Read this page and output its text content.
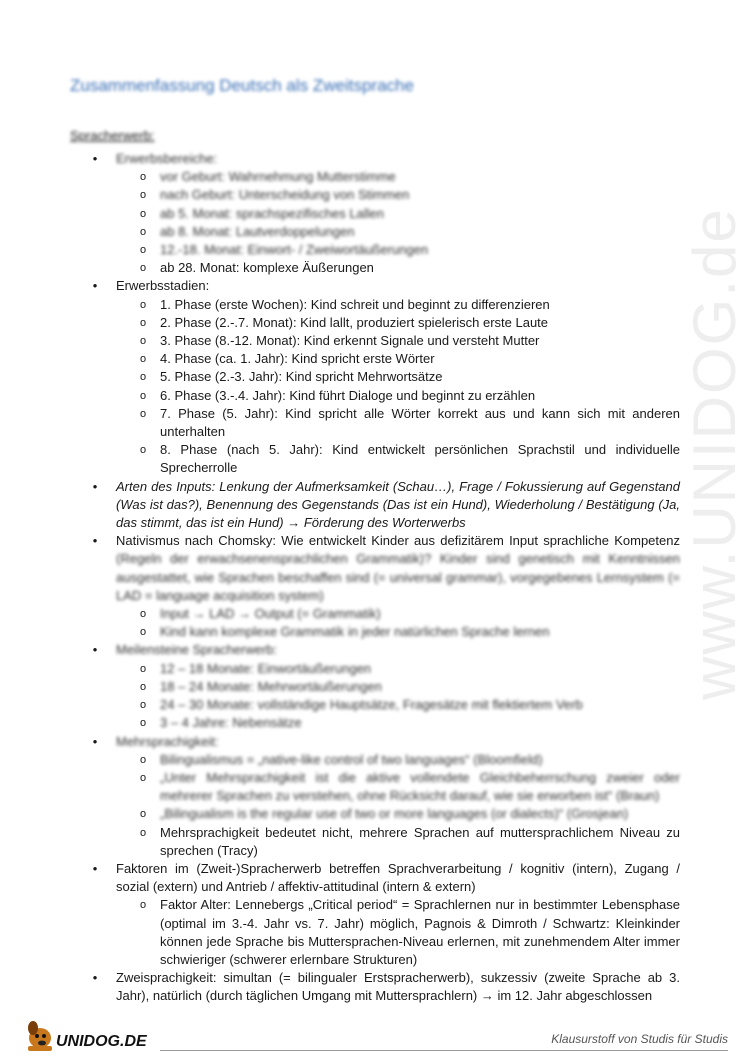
www.UNIDOG.de
Zusammenfassung Deutsch als Zweitsprache
Spracherwerb:
• Erwerbsbereiche:
o vor Geburt: Wahrnehmung Mutterstimme
o nach Geburt: Unterscheidung von Stimmen
o ab 5. Monat: sprachspezifisches Lallen
o ab 8. Monat: Lautverdoppelungen
o 12.-18. Monat: Einwort- / Zweiwortäußerungen
o ab 28. Monat: komplexe Äußerungen
• Erwerbsstadien:
o 1. Phase (erste Wochen): Kind schreit und beginnt zu differenzieren
o 2. Phase (2.-.7. Monat): Kind lallt, produziert spielerisch erste Laute
o 3. Phase (8.-12. Monat): Kind erkennt Signale und versteht Mutter
o 4. Phase (ca. 1. Jahr): Kind spricht erste Wörter
o 5. Phase (2.-3. Jahr): Kind spricht Mehrwortsätze
o 6. Phase (3.-.4. Jahr): Kind führt Dialoge und beginnt zu erzählen
o 7. Phase (5. Jahr): Kind spricht alle Wörter korrekt aus und kann sich mit anderen unterhalten
o 8. Phase (nach 5. Jahr): Kind entwickelt persönlichen Sprachstil und individuelle Sprecherrolle
• Arten des Inputs: Lenkung der Aufmerksamkeit (Schau…), Frage / Fokussierung auf Gegenstand (Was ist das?), Benennung des Gegenstands (Das ist ein Hund), Wiederholung / Bestätigung (Ja, das stimmt, das ist ein Hund) → Förderung des Worterwerbs
• Nativismus nach Chomsky: Wie entwickelt Kinder aus defizitärem Input sprachliche Kompetenz (Regeln der erwachsenensprachlichen Grammatik)? Kinder sind genetisch mit Kenntnissen ausgestattet, wie Sprachen beschaffen sind (= universal grammar), vorgegebenes Lernsystem (= LAD = language acquisition system)
o Input → LAD → Output (= Grammatik)
o Kind kann komplexe Grammatik in jeder natürlichen Sprache lernen
• Meilensteine Spracherwerb:
o 12 – 18 Monate: Einwortäußerungen
o 18 – 24 Monate: Mehrwortäußerungen
o 24 – 30 Monate: vollständige Hauptsätze, Fragesätze mit flektiertem Verb
o 3 – 4 Jahre: Nebensätze
• Mehrsprachigkeit:
o Bilingualismus = „native-like control of two languages“ (Bloomfield)
o „Unter Mehrsprachigkeit ist die aktive vollendete Gleichbeherrschung zweier oder mehrerer Sprachen zu verstehen, ohne Rücksicht darauf, wie sie erworben ist“ (Braun)
o „Bilingualism is the regular use of two or more languages (or dialects)“ (Grosjean)
o Mehrsprachigkeit bedeutet nicht, mehrere Sprachen auf muttersprachlichem Niveau zu sprechen (Tracy)
• Faktoren im (Zweit-)Spracherwerb betreffen Sprachverarbeitung / kognitiv (intern), Zugang / sozial (extern) und Antrieb / affektiv-attitudinal (intern & extern)
o Faktor Alter: Lennebergs „Critical period“ = Sprachlernen nur in bestimmter Lebensphase (optimal im 3.-4. Jahr vs. 7. Jahr) möglich, Pagnois & Dimroth / Schwartz: Kleinkinder können jede Sprache bis Muttersprachen-Niveau erlernen, mit zunehmendem Alter immer schwieriger (schwerer erlernbare Strukturen)
• Zweisprachigkeit: simultan (= bilingualer Erstspracherwerb), sukzessiv (zweite Sprache ab 3. Jahr), natürlich (durch täglichen Umgang mit Muttersprachlern) → im 12. Jahr abgeschlossen
UNIDOG.DE	Klausurstoff von Studis für Studis
